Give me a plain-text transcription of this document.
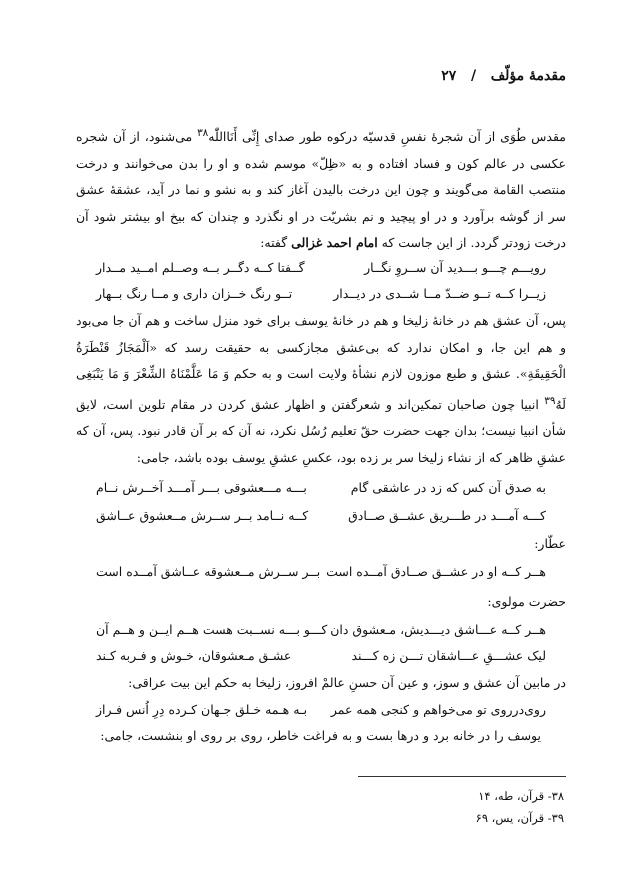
مقدمهٔ مؤلّف   /   ۲۷

مقدس طُوَی از آن شجرهٔ نفسِ قدسیّه درکوه طور صدای إِنِّی أَنَااللّٰه$^{۳۸}$ می‌شنود، از آن شجره عکسی در عالم کون و فساد افتاده و به «ظِلّ» موسم شده و او را بدن می‌خوانند و درخت منتصب القامة می‌گویند و چون این درخت بالیدن آغاز کند و به نشو و نما در آید، عشقهٔ عشق سر از گوشه برآورد و در او پیچید و نم بشریّت در او نگذرد و چندان که بیخ او بیشتر شود آن درخت زودتر گردد. از این جاست که امام احمد غزالی گفته:

رویـــم چـــو بـــدید آن ســروِ نگــار
گــفتا کــه دگــر بــه وصــلم امــید مــدار
زیــرا کــه تــو ضــدّ مــا شــدی در دیــدار
تــو رنگ خــزان داری و مــا رنگ بــهار

پس، آن عشق هم در خانهٔ زلیخا و هم در خانهٔ یوسف برای خود منزل ساخت و هم آن جا می‌بود و هم این جا، و امکان ندارد که بی‌عشق مجازکسی به حقیقت رسد که «اَلْمَجَازُ قَنْطَرَةُ الْحَقِیقَةِ». عشق و طبع موزون لازم نشأهٔ ولایت است و به حکم وَ مَا عَلَّمْنَاهُ الشِّعْرَ وَ مَا یَنْبَغِی لَهُ$^{۳۹}$ انبیا چون صاحبان تمکین‌اند و شعرگفتن و اظهار عشق کردن در مقام تلوین است، لایق شأن انبیا نیست؛ بدان جهت حضرت حقّ تعلیم رُسُل نکرد، نه آن که بر آن قادر نبود. پس، آن که عشقِ ظاهر که از نشاء زلیخا سر بر زده بود، عکسِ عشقِ یوسف بوده باشد، جامی:

به صدق آن کس که زد در عاشقی گام
بـــه مـــعشوقی بـــر آمـــد آخــرش نــام
کـــه آمـــد در طـــریق عشــق صــادق
کــه نــامد بــر ســرش مــعشوق عــاشق
عطّار:
هــر کــه او در عشــق صــادق آمــده است
بــر ســرش مــعشوقه عــاشق آمــده است
حضرت مولوی:
هــر کــه عـــاشق دیـــدیش، مـعشوق دان
کـــو بـــه نســبت هست هــم ایــن و هــم آن
لیک عشـــقِ عـــاشقان تـــن زه کـــند
عشـق مـعشوقان، خـوش و فـربه کـند
در مابین آن عشق و سوز، و عین آن حسنِ عالمْ افروز، زلیخا به حکم این بیت عراقی:
روی‌درروی تو می‌خواهم و کنجی همه عمر
بـه هـمه خـلق جـهان کـرده دِرِ اُنس فـراز
یوسف را در خانه برد و درها بست و به فراغت خاطر، روی بر روی او بنشست، جامی:
۳۸- قرآن، طه، ۱۴
۳۹- قرآن، یس، ۶۹
